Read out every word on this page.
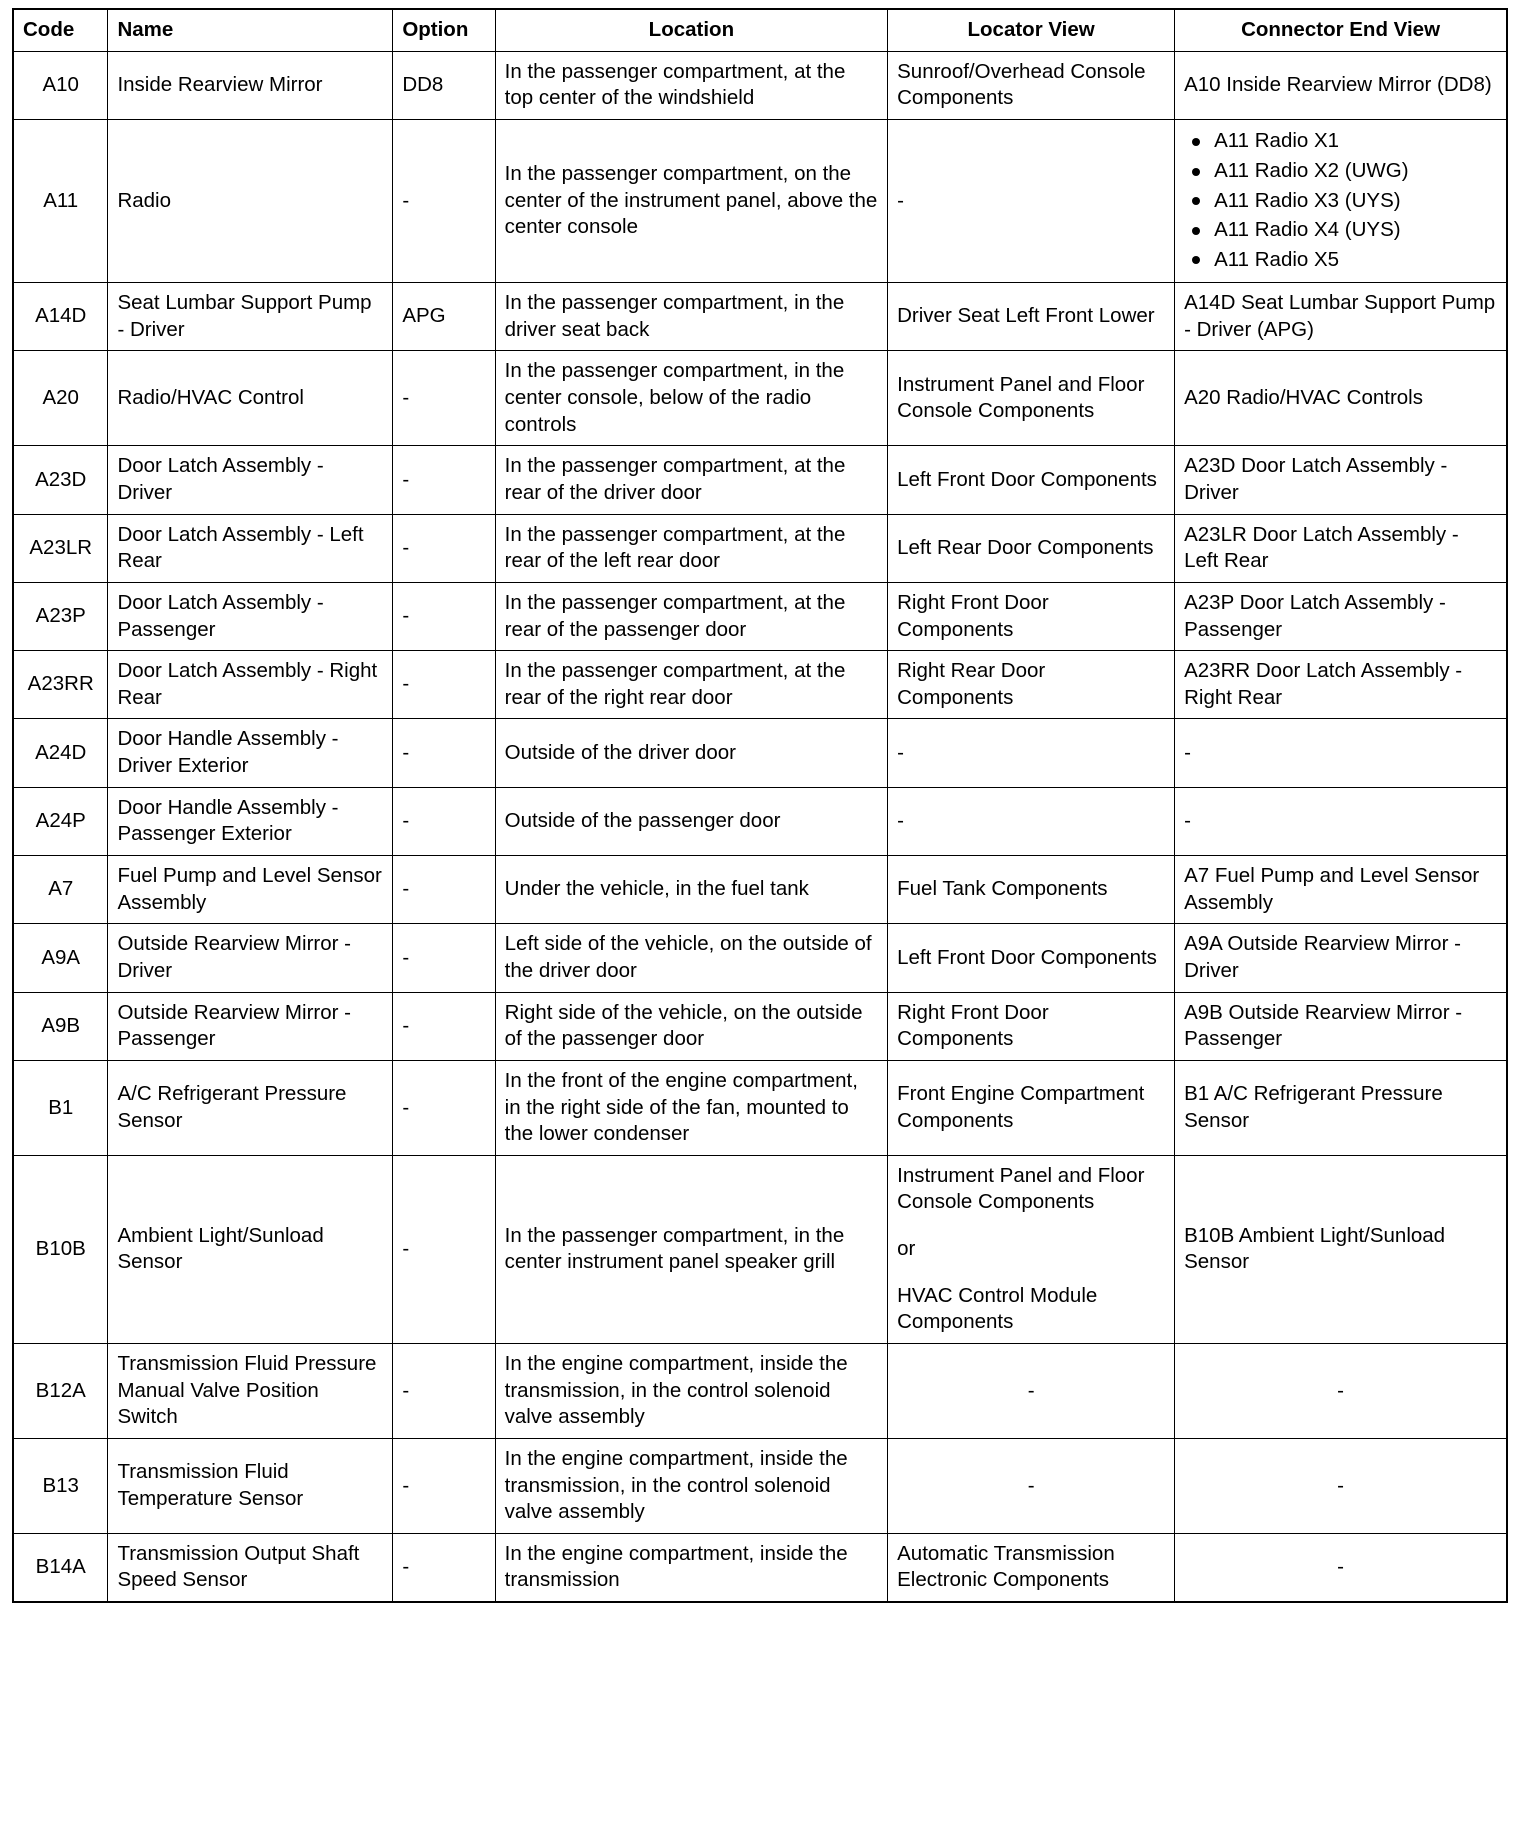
Code	Name	Option	Location	Locator View	Connector End View
A10	Inside Rearview Mirror	DD8	In the passenger compartment, at the top center of the windshield	Sunroof/Overhead Console Components	A10 Inside Rearview Mirror (DD8)
A11	Radio	-	In the passenger compartment, on the center of the instrument panel, above the center console	-	
A11 Radio X1
A11 Radio X2 (UWG)
A11 Radio X3 (UYS)
A11 Radio X4 (UYS)
A11 Radio X5

A14D	Seat Lumbar Support Pump - Driver	APG	In the passenger compartment, in the driver seat back	Driver Seat Left Front Lower	A14D Seat Lumbar Support Pump - Driver (APG)
A20	Radio/HVAC Control	-	In the passenger compartment, in the center console, below of the radio controls	Instrument Panel and Floor Console Components	A20 Radio/HVAC Controls
A23D	Door Latch Assembly - Driver	-	In the passenger compartment, at the rear of the driver door	Left Front Door Components	A23D Door Latch Assembly - Driver
A23LR	Door Latch Assembly - Left Rear	-	In the passenger compartment, at the rear of the left rear door	Left Rear Door Components	A23LR Door Latch Assembly - Left Rear
A23P	Door Latch Assembly - Passenger	-	In the passenger compartment, at the rear of the passenger door	Right Front Door Components	A23P Door Latch Assembly - Passenger
A23RR	Door Latch Assembly - Right Rear	-	In the passenger compartment, at the rear of the right rear door	Right Rear Door Components	A23RR Door Latch Assembly - Right Rear
A24D	Door Handle Assembly - Driver Exterior	-	Outside of the driver door	-	-
A24P	Door Handle Assembly - Passenger Exterior	-	Outside of the passenger door	-	-
A7	Fuel Pump and Level Sensor Assembly	-	Under the vehicle, in the fuel tank	Fuel Tank Components	A7 Fuel Pump and Level Sensor Assembly
A9A	Outside Rearview Mirror - Driver	-	Left side of the vehicle, on the outside of the driver door	Left Front Door Components	A9A Outside Rearview Mirror - Driver
A9B	Outside Rearview Mirror - Passenger	-	Right side of the vehicle, on the outside of the passenger door	Right Front Door Components	A9B Outside Rearview Mirror - Passenger
B1	A/C Refrigerant Pressure Sensor	-	In the front of the engine compartment, in the right side of the fan, mounted to the lower condenser	Front Engine Compartment Components	B1 A/C Refrigerant Pressure Sensor
B10B	Ambient Light/Sunload Sensor	-	In the passenger compartment, in the center instrument panel speaker grill	Instrument Panel and Floor Console Components
or
HVAC Control Module Components	B10B Ambient Light/Sunload Sensor
B12A	Transmission Fluid Pressure Manual Valve Position Switch	-	In the engine compartment, inside the transmission, in the control solenoid valve assembly	-	-
B13	Transmission Fluid Temperature Sensor	-	In the engine compartment, inside the transmission, in the control solenoid valve assembly	-	-
B14A	Transmission Output Shaft Speed Sensor	-	In the engine compartment, inside the transmission	Automatic Transmission Electronic Components	-
